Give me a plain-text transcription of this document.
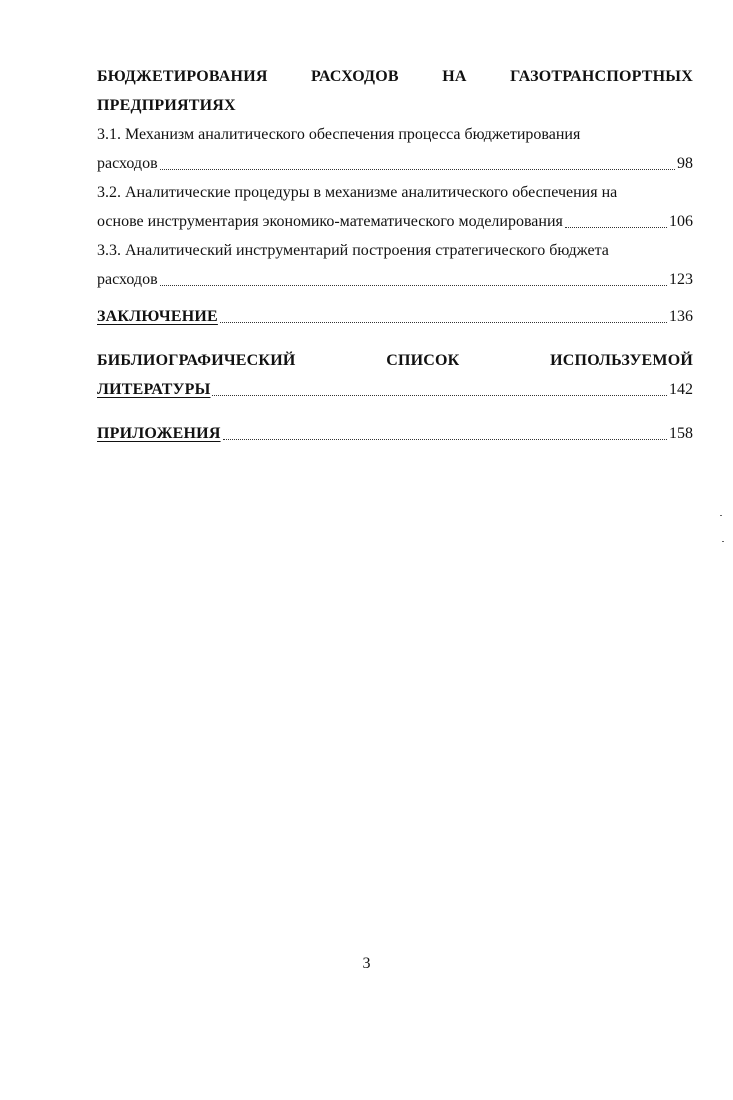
БЮДЖЕТИРОВАНИЯ	РАСХОДОВ	НА	ГАЗОТРАНСПОРТНЫХ
ПРЕДПРИЯТИЯХ
3.1. Механизм аналитического обеспечения процесса бюджетирования
расходов	98
3.2. Аналитические процедуры в механизме аналитического обеспечения на
основе инструментария экономико-математического моделирования	106
3.3. Аналитический инструментарий построения стратегического бюджета
расходов	123
ЗАКЛЮЧЕНИЕ	136
БИБЛИОГРАФИЧЕСКИЙ	СПИСОК	ИСПОЛЬЗУЕМОЙ
ЛИТЕРАТУРЫ	142
ПРИЛОЖЕНИЯ	158
3
